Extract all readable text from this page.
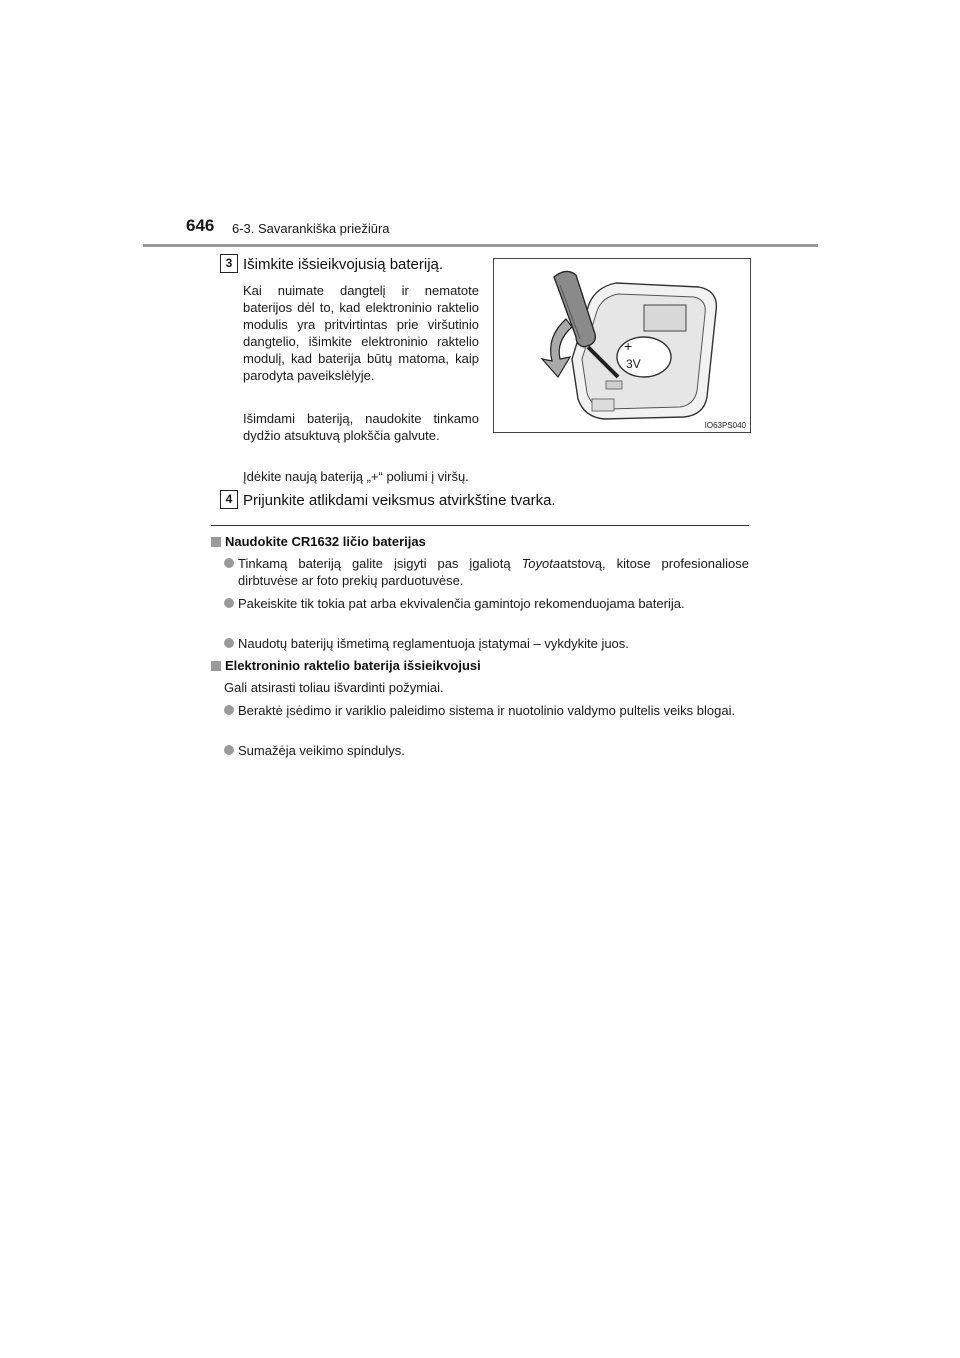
646 6-3. Savarankiška priežiūra
3 Išimkite išsieikvojusią bateriją.
Kai nuimate dangtelį ir nematote baterijos dėl to, kad elektroninio raktelio modulis yra pritvirtintas prie viršutinio dangtelio, išimkite elektroninio raktelio modulį, kad baterija būtų matoma, kaip parodyta paveikslėlyje.
Išimdami bateriją, naudokite tinkamo dydžio atsuktuvą plokščia galvute.
Įdėkite naują bateriją „+“ poliumi į viršų.
3V
+
IO63PS040
4 Prijunkite atlikdami veiksmus atvirkštine tvarka.
Naudokite CR1632 ličio baterijas
Tinkamą bateriją galite įsigyti pas įgaliotą Toyotaatstovą, kitose profesionaliose dirbtuvėse ar foto prekių parduotuvėse.
Pakeiskite tik tokia pat arba ekvivalenčia gamintojo rekomenduojama baterija.
Naudotų baterijų išmetimą reglamentuoja įstatymai – vykdykite juos.
Elektroninio raktelio baterija išsieikvojusi
Gali atsirasti toliau išvardinti požymiai.
Beraktė įsėdimo ir variklio paleidimo sistema ir nuotolinio valdymo pultelis veiks blogai.
Sumažėja veikimo spindulys.
